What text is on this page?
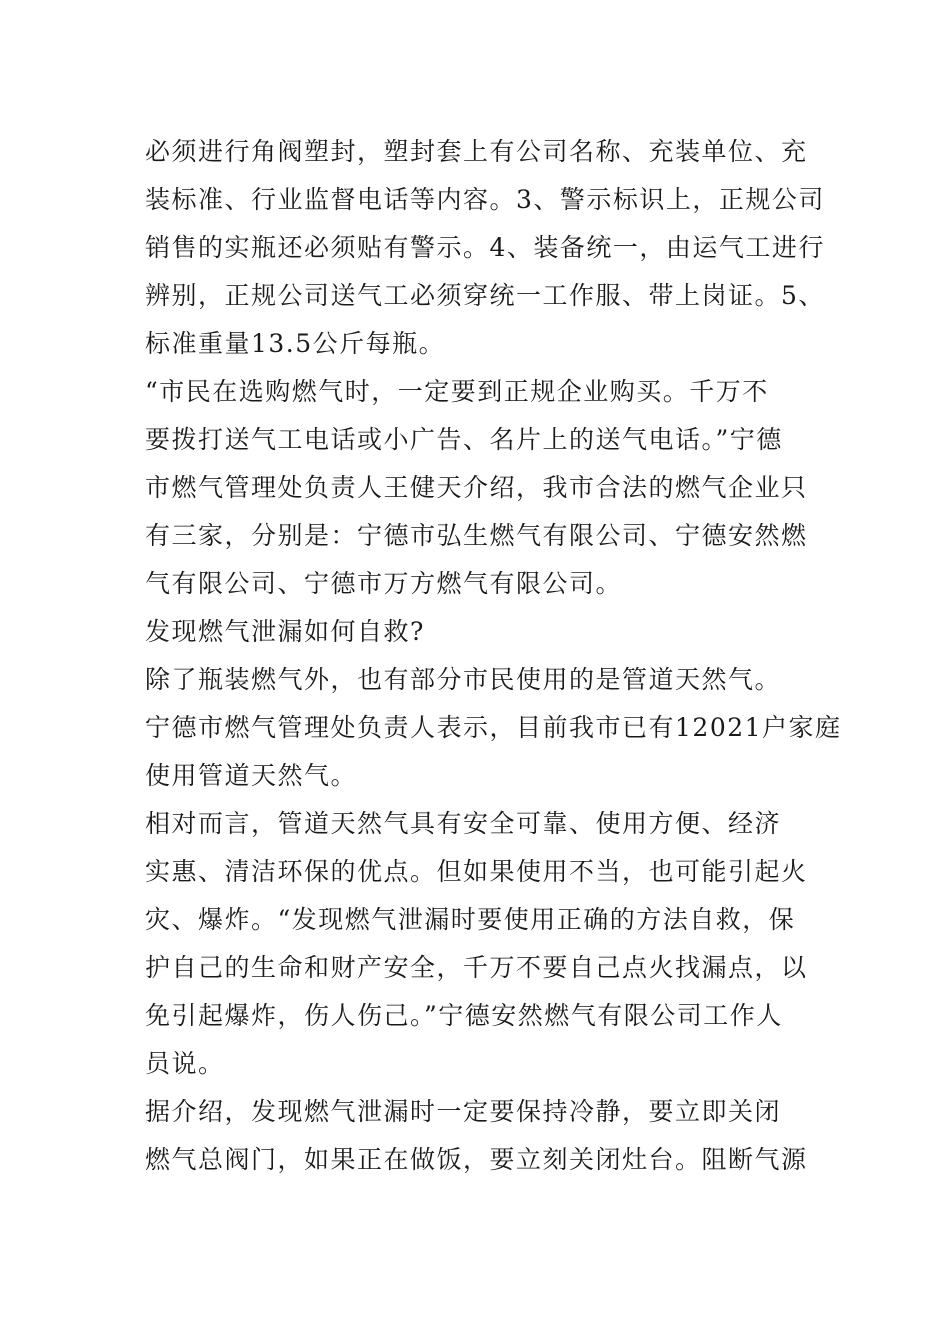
必须进行角阀塑封，塑封套上有公司名称、充装单位、充
装标准、行业监督电话等内容。3、警示标识上，正规公司
销售的实瓶还必须贴有警示。4、装备统一，由运气工进行
辨别，正规公司送气工必须穿统一工作服、带上岗证。5、
标准重量13.5公斤每瓶。
“市民在选购燃气时，一定要到正规企业购买。千万不
要拨打送气工电话或小广告、名片上的送气电话。”宁德
市燃气管理处负责人王健天介绍，我市合法的燃气企业只
有三家，分别是：宁德市弘生燃气有限公司、宁德安然燃
气有限公司、宁德市万方燃气有限公司。
发现燃气泄漏如何自救?
除了瓶装燃气外，也有部分市民使用的是管道天然气。
宁德市燃气管理处负责人表示，目前我市已有12021户家庭
使用管道天然气。
相对而言，管道天然气具有安全可靠、使用方便、经济
实惠、清洁环保的优点。但如果使用不当，也可能引起火
灾、爆炸。“发现燃气泄漏时要使用正确的方法自救，保
护自己的生命和财产安全，千万不要自己点火找漏点，以
免引起爆炸，伤人伤己。”宁德安然燃气有限公司工作人
员说。
据介绍，发现燃气泄漏时一定要保持冷静，要立即关闭
燃气总阀门，如果正在做饭，要立刻关闭灶台。阻断气源
